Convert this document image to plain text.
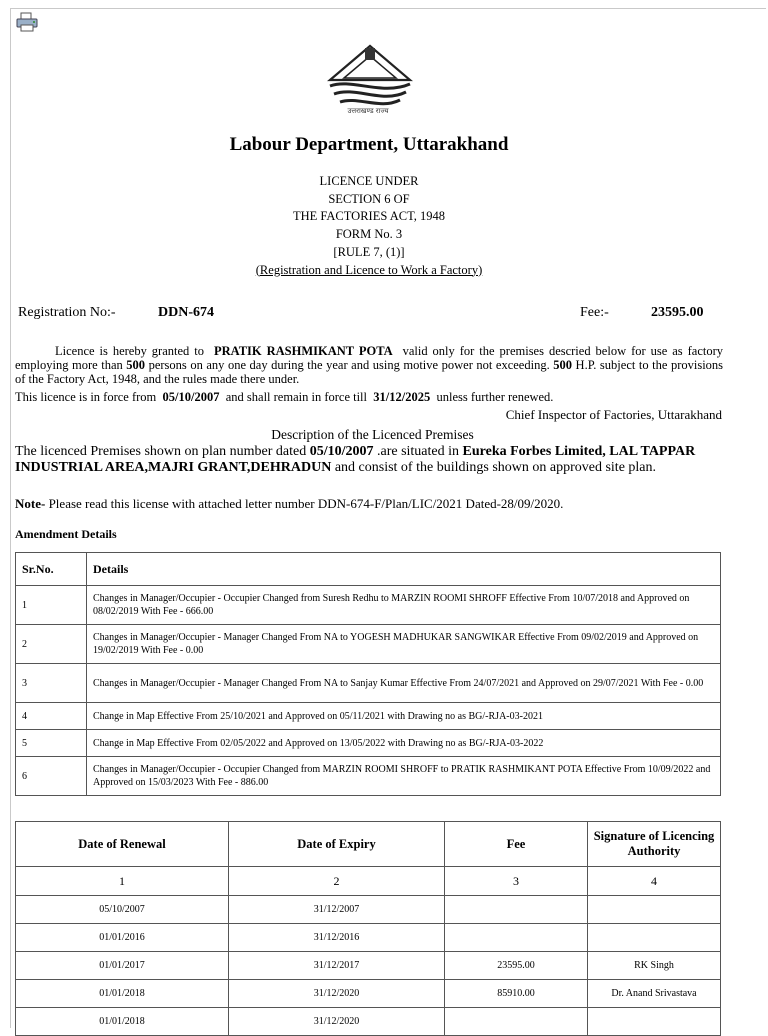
उत्तराखण्ड राज्य
Labour Department, Uttarakhand
LICENCE UNDER
SECTION 6 OF
THE FACTORIES ACT, 1948
FORM No. 3
[RULE 7, (1)]
(Registration and Licence to Work a Factory)
Registration No:-	DDN-674	Fee:-	23595.00
Licence is hereby granted to PRATIK RASHMIKANT POTA valid only for the premises descried below for use as factory employing more than 500 persons on any one day during the year and using motive power not exceeding. 500 H.P. subject to the provisions of the Factory Act, 1948, and the rules made there under.
This licence is in force from 05/10/2007 and shall remain in force till 31/12/2025 unless further renewed.
Chief Inspector of Factories, Uttarakhand
Description of the Licenced Premises
The licenced Premises shown on plan number dated 05/10/2007 .are situated in Eureka Forbes Limited, LAL TAPPAR INDUSTRIAL AREA,MAJRI GRANT,DEHRADUN and consist of the buildings shown on approved site plan.
Note- Please read this license with attached letter number DDN-674-F/Plan/LIC/2021 Dated-28/09/2020.
Amendment Details
Sr.No.	Details
1	Changes in Manager/Occupier - Occupier Changed from Suresh Redhu to MARZIN ROOMI SHROFF Effective From 10/07/2018 and Approved on 08/02/2019 With Fee - 666.00
2	Changes in Manager/Occupier - Manager Changed From NA to YOGESH MADHUKAR SANGWIKAR Effective From 09/02/2019 and Approved on 19/02/2019 With Fee - 0.00
3	Changes in Manager/Occupier - Manager Changed From NA to Sanjay Kumar Effective From 24/07/2021 and Approved on 29/07/2021 With Fee - 0.00
4	Change in Map Effective From 25/10/2021 and Approved on 05/11/2021 with Drawing no as BG/-RJA-03-2021
5	Change in Map Effective From 02/05/2022 and Approved on 13/05/2022 with Drawing no as BG/-RJA-03-2022
6	Changes in Manager/Occupier - Occupier Changed from MARZIN ROOMI SHROFF to PRATIK RASHMIKANT POTA Effective From 10/09/2022 and Approved on 15/03/2023 With Fee - 886.00
Date of Renewal	Date of Expiry	Fee	Signature of Licencing Authority
1	2	3	4
05/10/2007	31/12/2007		
01/01/2016	31/12/2016		
01/01/2017	31/12/2017	23595.00	RK Singh
01/01/2018	31/12/2020	85910.00	Dr. Anand Srivastava
01/01/2018	31/12/2020		
